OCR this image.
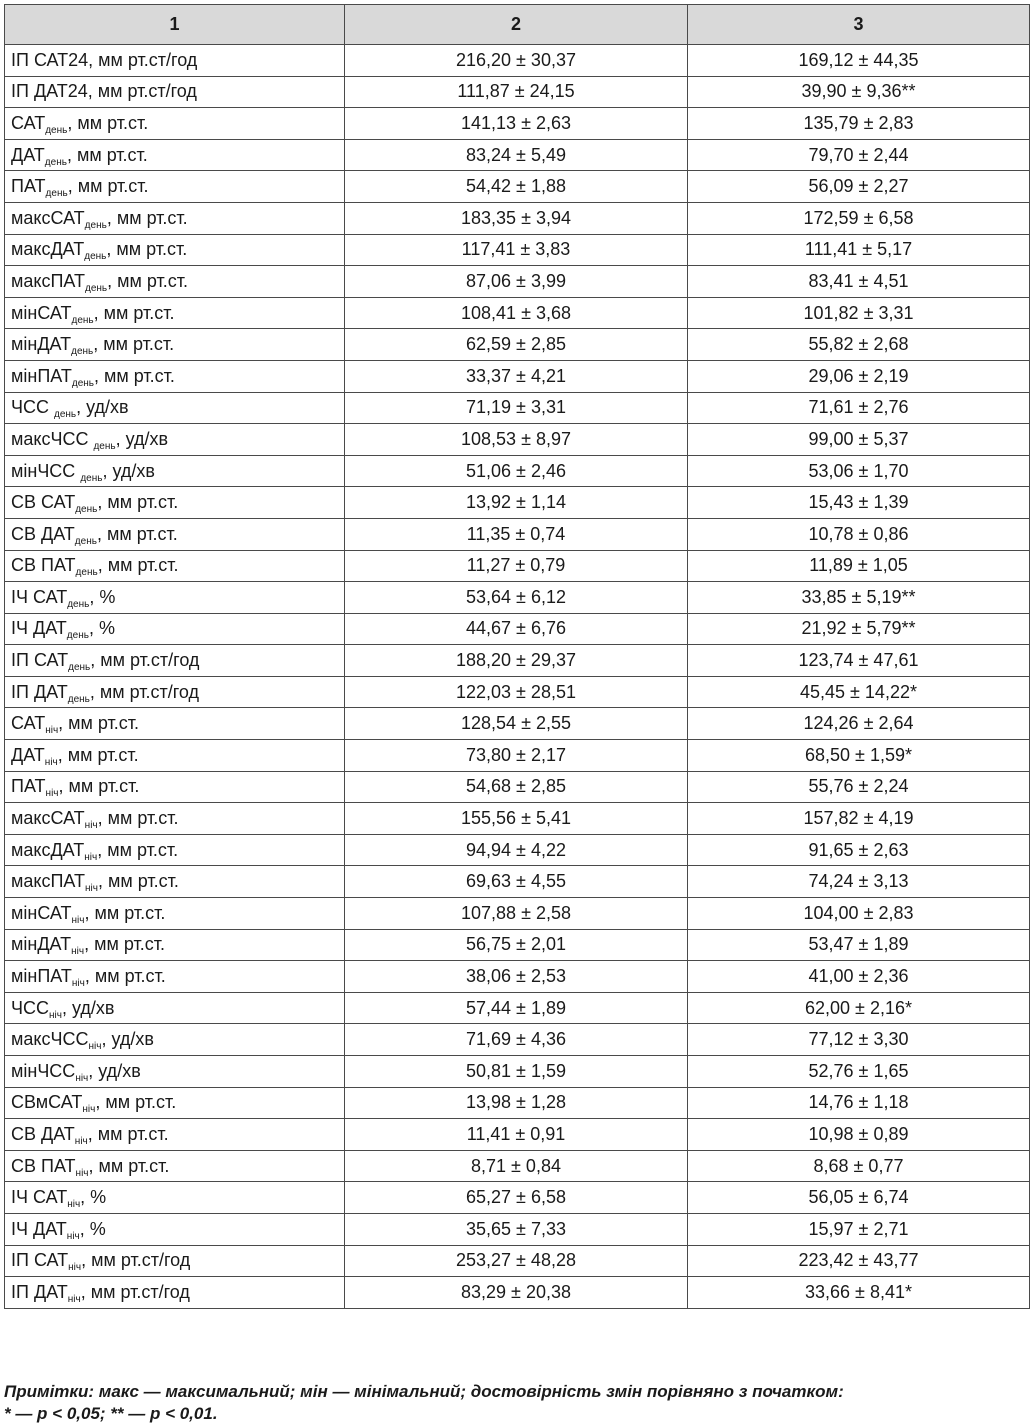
1	2	3
ІП САТ24, мм рт.ст/год	216,20 ± 30,37	169,12 ± 44,35
ІП ДАТ24, мм рт.ст/год	111,87 ± 24,15	39,90 ± 9,36**
$САТ_{день}$, мм рт.ст.	141,13 ± 2,63	135,79 ± 2,83
$ДАТ_{день}$, мм рт.ст.	83,24 ± 5,49	79,70 ± 2,44
$ПАТ_{день}$, мм рт.ст.	54,42 ± 1,88	56,09 ± 2,27
максСАТ$_{день}$, мм рт.ст.	183,35 ± 3,94	172,59 ± 6,58
максДАТ$_{день}$, мм рт.ст.	117,41 ± 3,83	111,41 ± 5,17
максПАТ$_{день}$, мм рт.ст.	87,06 ± 3,99	83,41 ± 4,51
мінСАТ$_{день}$, мм рт.ст.	108,41 ± 3,68	101,82 ± 3,31
мінДАТ$_{день}$, мм рт.ст.	62,59 ± 2,85	55,82 ± 2,68
мінПАТ$_{день}$, мм рт.ст.	33,37 ± 4,21	29,06 ± 2,19
ЧСС $_{день}$, уд/хв	71,19 ± 3,31	71,61 ± 2,76
максЧСС $_{день}$, уд/хв	108,53 ± 8,97	99,00 ± 5,37
мінЧСС $_{день}$, уд/хв	51,06 ± 2,46	53,06 ± 1,70
СВ $САТ_{день}$, мм рт.ст.	13,92 ± 1,14	15,43 ± 1,39
СВ $ДАТ_{день}$, мм рт.ст.	11,35 ± 0,74	10,78 ± 0,86
СВ $ПАТ_{день}$, мм рт.ст.	11,27 ± 0,79	11,89 ± 1,05
ІЧ $САТ_{день}$, %	53,64 ± 6,12	33,85 ± 5,19**
ІЧ $ДАТ_{день}$, %	44,67 ± 6,76	21,92 ± 5,79**
ІП $САТ_{день}$, мм рт.ст/год	188,20 ± 29,37	123,74 ± 47,61
ІП $ДАТ_{день}$, мм рт.ст/год	122,03 ± 28,51	45,45 ± 14,22*
$САТ_{ніч}$, мм рт.ст.	128,54 ± 2,55	124,26 ± 2,64
$ДАТ_{ніч}$, мм рт.ст.	73,80 ± 2,17	68,50 ± 1,59*
$ПАТ_{ніч}$, мм рт.ст.	54,68 ± 2,85	55,76 ± 2,24
максСАТ$_{ніч}$, мм рт.ст.	155,56 ± 5,41	157,82 ± 4,19
максДАТ$_{ніч}$, мм рт.ст.	94,94 ± 4,22	91,65 ± 2,63
максПАТ$_{ніч}$, мм рт.ст.	69,63 ± 4,55	74,24 ± 3,13
мінСАТ$_{ніч}$, мм рт.ст.	107,88 ± 2,58	104,00 ± 2,83
мінДАТ$_{ніч}$, мм рт.ст.	56,75 ± 2,01	53,47 ± 1,89
мінПАТ$_{ніч}$, мм рт.ст.	38,06 ± 2,53	41,00 ± 2,36
$ЧСС_{ніч}$, уд/хв	57,44 ± 1,89	62,00 ± 2,16*
максЧСС$_{ніч}$, уд/хв	71,69 ± 4,36	77,12 ± 3,30
мінЧСС$_{ніч}$, уд/хв	50,81 ± 1,59	52,76 ± 1,65
СВмСАТ$_{ніч}$, мм рт.ст.	13,98 ± 1,28	14,76 ± 1,18
СВ $ДАТ_{ніч}$, мм рт.ст.	11,41 ± 0,91	10,98 ± 0,89
СВ $ПАТ_{ніч}$, мм рт.ст.	8,71 ± 0,84	8,68 ± 0,77
ІЧ $САТ_{ніч}$, %	65,27 ± 6,58	56,05 ± 6,74
ІЧ $ДАТ_{ніч}$, %	35,65 ± 7,33	15,97 ± 2,71
ІП $САТ_{ніч}$, мм рт.ст/год	253,27 ± 48,28	223,42 ± 43,77
ІП $ДАТ_{ніч}$, мм рт.ст/год	83,29 ± 20,38	33,66 ± 8,41*
Примітки: макс — максимальний; мін — мінімальний; достовірність змін порівняно з початком:
* — p < 0,05; ** — p < 0,01.
